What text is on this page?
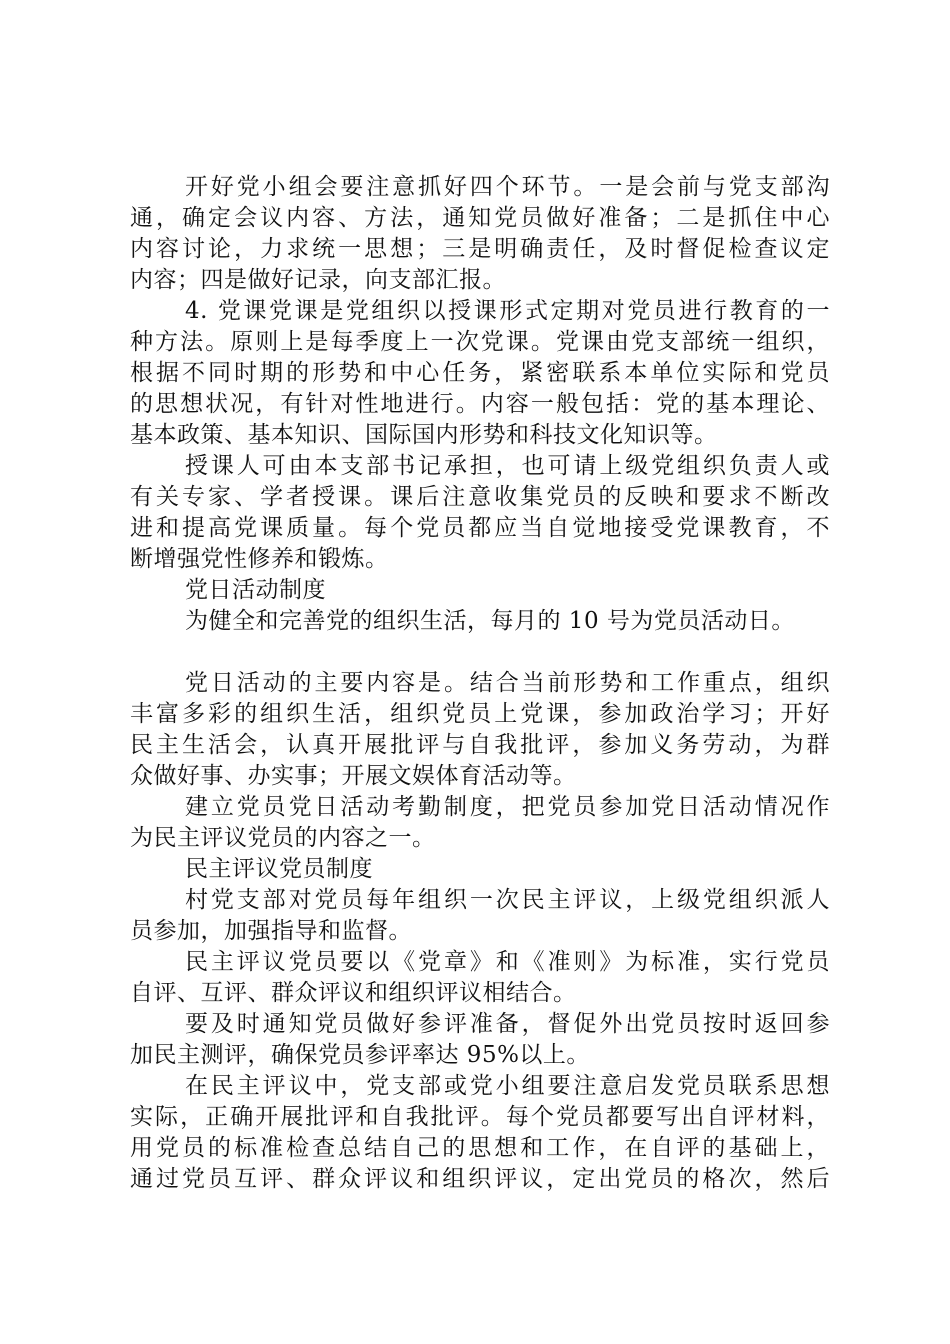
开好党小组会要注意抓好四个环节。一是会前与党支部沟
通，确定会议内容、方法，通知党员做好准备；二是抓住中心
内容讨论，力求统一思想；三是明确责任，及时督促检查议定
内容；四是做好记录，向支部汇报。
4. 党课党课是党组织以授课形式定期对党员进行教育的一
种方法。原则上是每季度上一次党课。党课由党支部统一组织，
根据不同时期的形势和中心任务，紧密联系本单位实际和党员
的思想状况，有针对性地进行。内容一般包括：党的基本理论、
基本政策、基本知识、国际国内形势和科技文化知识等。
授课人可由本支部书记承担，也可请上级党组织负责人或
有关专家、学者授课。课后注意收集党员的反映和要求不断改
进和提高党课质量。每个党员都应当自觉地接受党课教育，不
断增强党性修养和锻炼。
党日活动制度
为健全和完善党的组织生活，每月的 10 号为党员活动日。
党日活动的主要内容是。结合当前形势和工作重点，组织
丰富多彩的组织生活，组织党员上党课，参加政治学习；开好
民主生活会，认真开展批评与自我批评，参加义务劳动，为群
众做好事、办实事；开展文娱体育活动等。
建立党员党日活动考勤制度，把党员参加党日活动情况作
为民主评议党员的内容之一。
民主评议党员制度
村党支部对党员每年组织一次民主评议，上级党组织派人
员参加，加强指导和监督。
民主评议党员要以《党章》和《准则》为标准，实行党员
自评、互评、群众评议和组织评议相结合。
要及时通知党员做好参评准备，督促外出党员按时返回参
加民主测评，确保党员参评率达 95%以上。
在民主评议中，党支部或党小组要注意启发党员联系思想
实际，正确开展批评和自我批评。每个党员都要写出自评材料，
用党员的标准检查总结自己的思想和工作，在自评的基础上，
通过党员互评、群众评议和组织评议，定出党员的格次，然后
